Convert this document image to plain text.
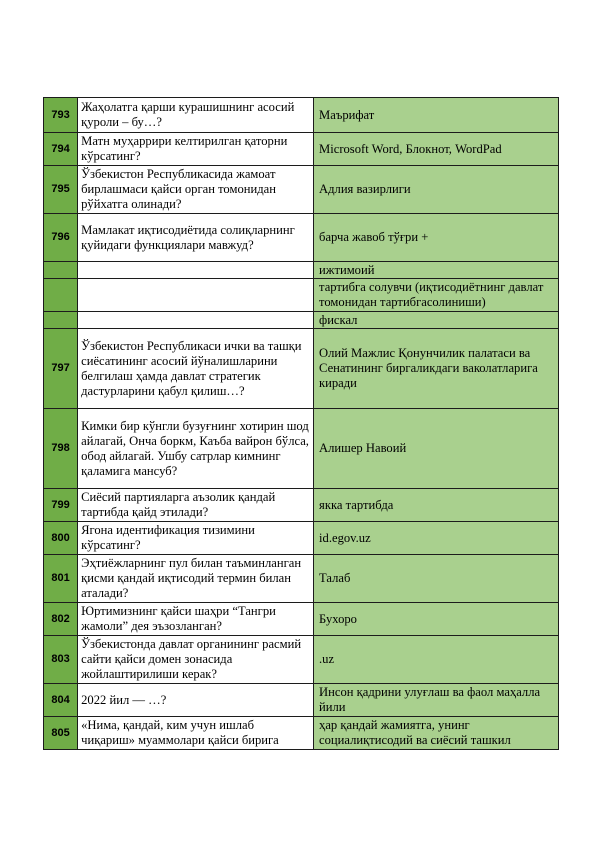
793	Жаҳолатга қарши курашишнинг асосий қуроли – бу…?	Маърифат
794	Матн муҳаррири келтирилган қаторни кўрсатинг?	Microsoft Word, Блокнот, WordPad
795	Ўзбекистон Республикасида жамоат бирлашмаси қайси орган томонидан рўйхатга олинади?	Адлия вазирлиги
796	Мамлакат иқтисодиётида солиқларнинг қуйидаги функциялари мавжуд?	барча жавоб тўғри +
		ижтимоий
		тартибга солувчи (иқтисодиётнинг давлат томонидан тартибгасолиниши)
		фискал
797	Ўзбекистон Республикаси ички ва ташқи сиёсатининг асосий йўналишларини белгилаш ҳамда давлат стратегик дастурларини қабул қилиш…?	Олий Мажлис Қонунчилик палатаси ва Сенатининг биргаликдаги ваколатларига киради
798	Кимки бир кўнгли бузуғнинг хотирин шод айлагай, Онча боркм, Каъба вайрон бўлса, обод айлагай. Ушбу сатрлар кимнинг қаламига мансуб?	Алишер Навоий
799	Сиёсий партияларга аъзолик қандай тартибда қайд этилади?	якка тартибда
800	Ягона идентификация тизимини кўрсатинг?	id.egov.uz
801	Эҳтиёжларнинг пул билан таъминланган қисми қандай иқтисодий термин билан аталади?	Талаб
802	Юртимизнинг қайси шаҳри “Тангри жамоли” дея эъзозланган?	Бухоро
803	Ўзбекистонда давлат органининг расмий сайти қайси домен зонасида жойлаштирилиши керак?	.uz
804	2022 йил — …?	Инсон қадрини улуғлаш ва фаол маҳалла йили
805	«Нима, қандай, ким учун ишлаб чиқариш» муаммолари қайси бирига	ҳар қандай жамиятга, унинг социалиқтисодий ва сиёсий ташкил
